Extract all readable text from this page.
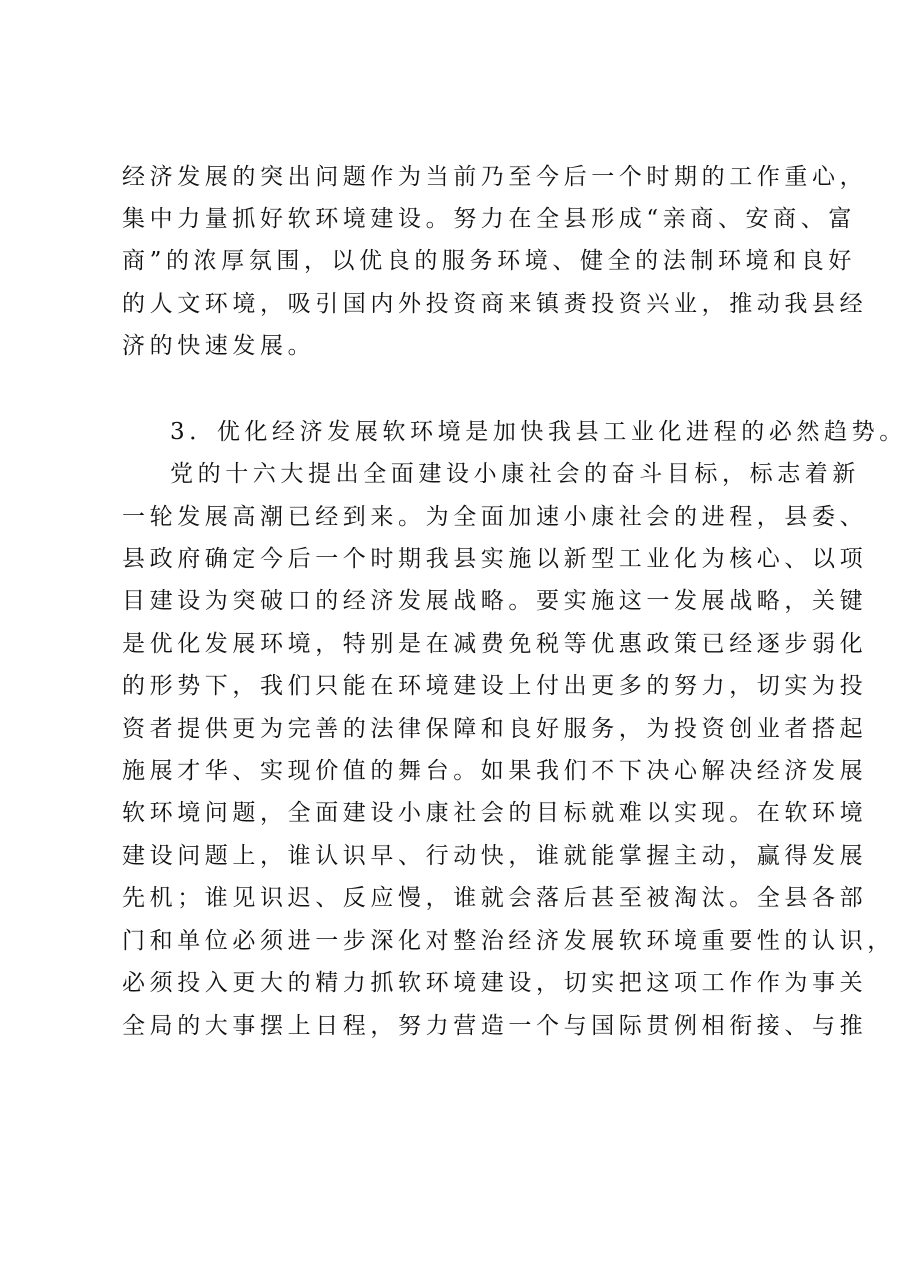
经济发展的突出问题作为当前乃至今后一个时期的工作重心，
集中力量抓好软环境建设。努力在全县形成“亲商、安商、富
商”的浓厚氛围，以优良的服务环境、健全的法制环境和良好
的人文环境，吸引国内外投资商来镇赉投资兴业，推动我县经
济的快速发展。
3．优化经济发展软环境是加快我县工业化进程的必然趋势。
党的十六大提出全面建设小康社会的奋斗目标，标志着新
一轮发展高潮已经到来。为全面加速小康社会的进程，县委、
县政府确定今后一个时期我县实施以新型工业化为核心、以项
目建设为突破口的经济发展战略。要实施这一发展战略，关键
是优化发展环境，特别是在减费免税等优惠政策已经逐步弱化
的形势下，我们只能在环境建设上付出更多的努力，切实为投
资者提供更为完善的法律保障和良好服务，为投资创业者搭起
施展才华、实现价值的舞台。如果我们不下决心解决经济发展
软环境问题，全面建设小康社会的目标就难以实现。在软环境
建设问题上，谁认识早、行动快，谁就能掌握主动，赢得发展
先机；谁见识迟、反应慢，谁就会落后甚至被淘汰。全县各部
门和单位必须进一步深化对整治经济发展软环境重要性的认识，
必须投入更大的精力抓软环境建设，切实把这项工作作为事关
全局的大事摆上日程，努力营造一个与国际贯例相衔接、与推
